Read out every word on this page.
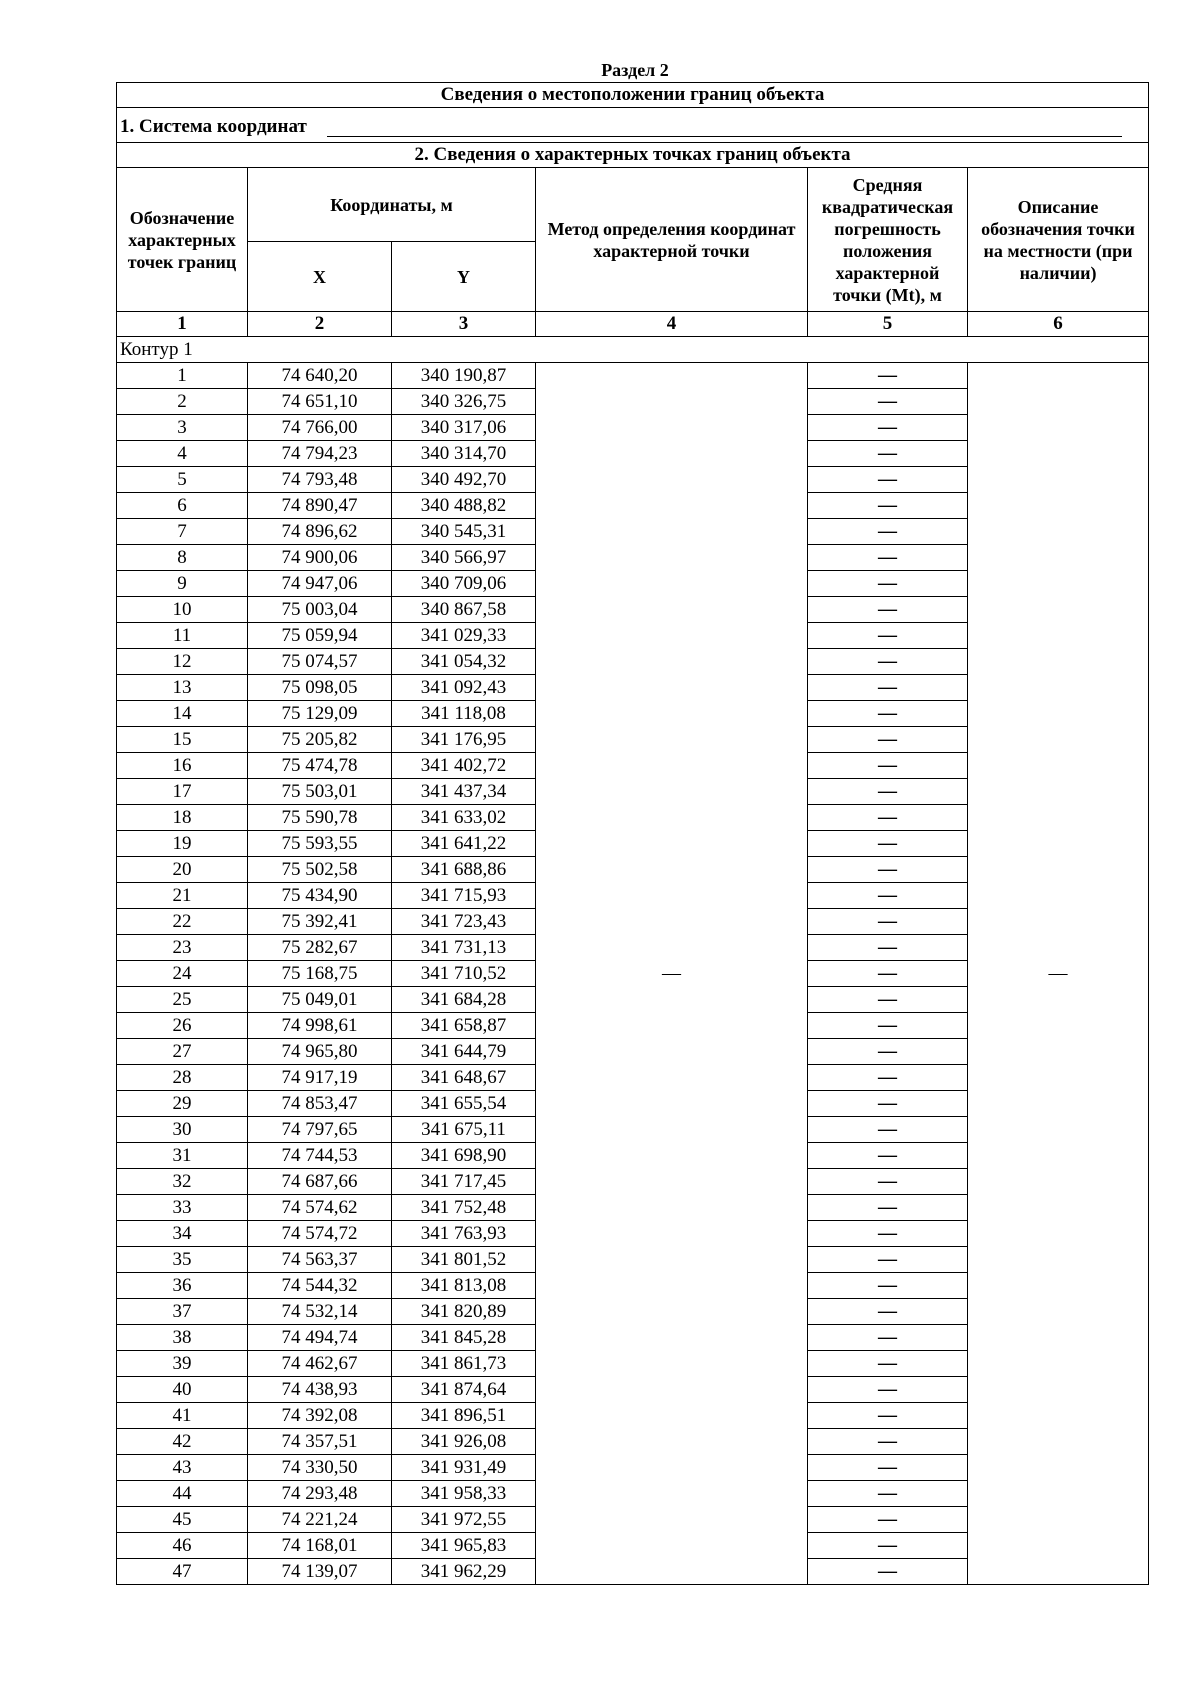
Раздел 2
Сведения о местоположении границ объекта					
1. Система координат					
2. Сведения о характерных точках границ объекта					
Обозначение характерных точек границ	Координаты, м		Метод определения координат характерной точки	Средняя квадратическая погрешность положения характерной точки (Mt), м	Описание обозначения точки на местности (при наличии)
	X	Y			
1	2	3	4	5	6
Контур 1					
1	74 640,20	340 190,87	—	—	—
2	74 651,10	340 326,75		—	
3	74 766,00	340 317,06		—	
4	74 794,23	340 314,70		—	
5	74 793,48	340 492,70		—	
6	74 890,47	340 488,82		—	
7	74 896,62	340 545,31		—	
8	74 900,06	340 566,97		—	
9	74 947,06	340 709,06		—	
10	75 003,04	340 867,58		—	
11	75 059,94	341 029,33		—	
12	75 074,57	341 054,32		—	
13	75 098,05	341 092,43		—	
14	75 129,09	341 118,08		—	
15	75 205,82	341 176,95		—	
16	75 474,78	341 402,72		—	
17	75 503,01	341 437,34		—	
18	75 590,78	341 633,02		—	
19	75 593,55	341 641,22		—	
20	75 502,58	341 688,86		—	
21	75 434,90	341 715,93		—	
22	75 392,41	341 723,43		—	
23	75 282,67	341 731,13		—	
24	75 168,75	341 710,52		—	
25	75 049,01	341 684,28		—	
26	74 998,61	341 658,87		—	
27	74 965,80	341 644,79		—	
28	74 917,19	341 648,67		—	
29	74 853,47	341 655,54		—	
30	74 797,65	341 675,11		—	
31	74 744,53	341 698,90		—	
32	74 687,66	341 717,45		—	
33	74 574,62	341 752,48		—	
34	74 574,72	341 763,93		—	
35	74 563,37	341 801,52		—	
36	74 544,32	341 813,08		—	
37	74 532,14	341 820,89		—	
38	74 494,74	341 845,28		—	
39	74 462,67	341 861,73		—	
40	74 438,93	341 874,64		—	
41	74 392,08	341 896,51		—	
42	74 357,51	341 926,08		—	
43	74 330,50	341 931,49		—	
44	74 293,48	341 958,33		—	
45	74 221,24	341 972,55		—	
46	74 168,01	341 965,83		—	
47	74 139,07	341 962,29		—	
